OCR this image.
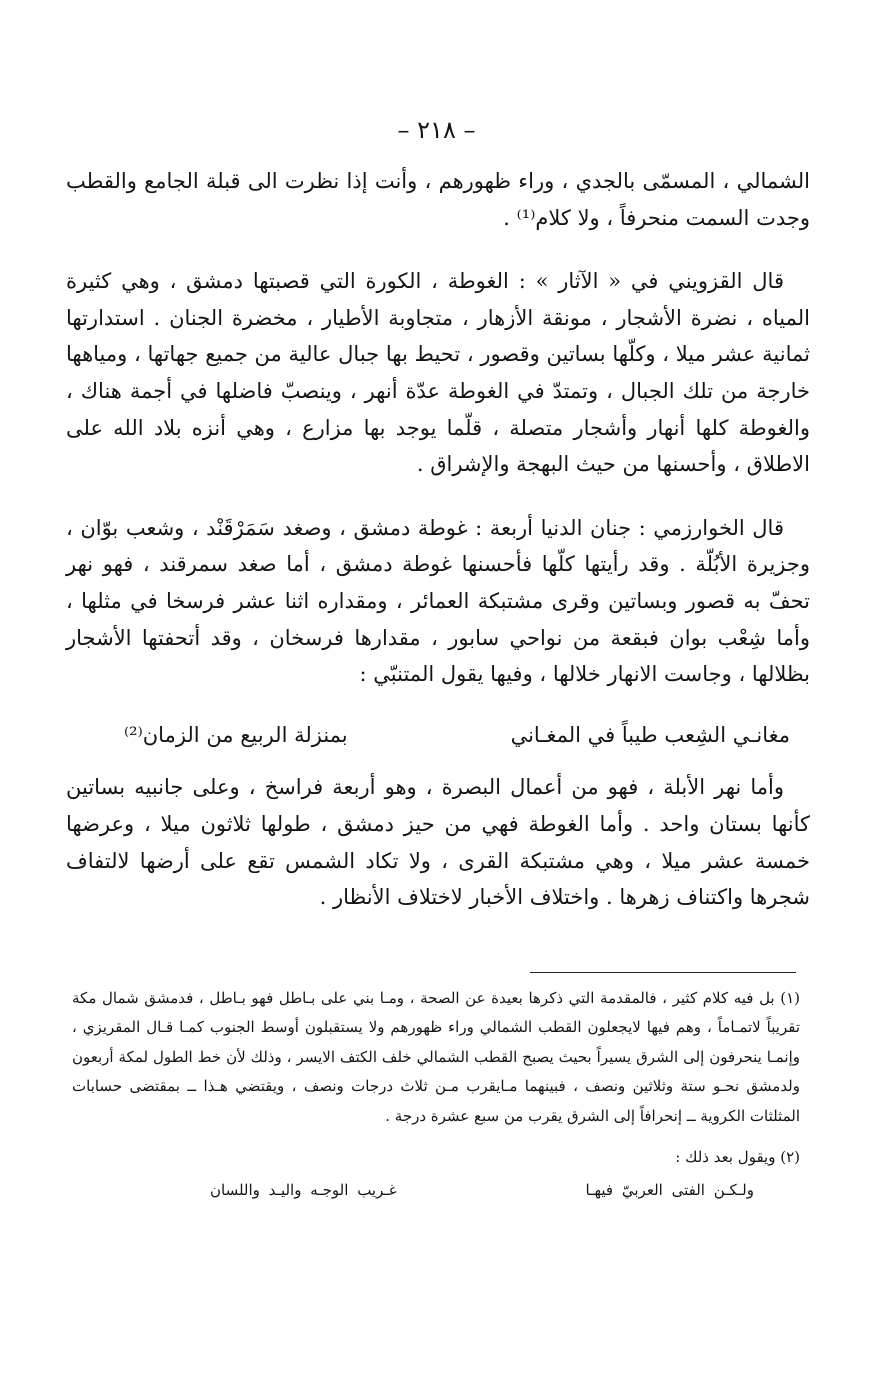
– ٢١٨ –

الشمالي ، المسمّى بالجدي ، وراء ظهورهم ، وأنت إذا نظرت الى قبلة الجامع والقطب وجدت السمت منحرفاً ، ولا كلام⁽¹⁾ .

قال القزويني في « الآثار » : الغوطة ، الكورة التي قصبتها دمشق ، وهي كثيرة المياه ، نضرة الأشجار ، مونقة الأزهار ، متجاوبة الأطيار ، مخضرة الجنان . استدارتها ثمانية عشر ميلا ، وكلّها بساتين وقصور ، تحيط بها جبال عالية من جميع جهاتها ، ومياهها خارجة من تلك الجبال ، وتمتدّ في الغوطة عدّة أنهر ، وينصبّ فاضلها في أجمة هناك ، والغوطة كلها أنهار وأشجار متصلة ، قلّما يوجد بها مزارع ، وهي أنزه بلاد الله على الاطلاق ، وأحسنها من حيث البهجة والإشراق .

قال الخوارزمي : جنان الدنيا أربعة : غوطة دمشق ، وصغد سَمَرْقَنْد ، وشعب بوّان ، وجزيرة الأبُلّة . وقد رأيتها كلّها فأحسنها غوطة دمشق ، أما صغد سمرقند ، فهو نهر تحفّ به قصور وبساتين وقرى مشتبكة العمائر ، ومقداره اثنا عشر فرسخا في مثلها ، وأما شِعْب بوان فبقعة من نواحي سابور ، مقدارها فرسخان ، وقد أتحفتها الأشجار بظلالها ، وجاست الانهار خلالها ، وفيها يقول المتنبّي :

مغانـي الشِعب طيباً في المغـاني
بمنزلة الربيع من الزمان⁽²⁾

وأما نهر الأبلة ، فهو من أعمال البصرة ، وهو أربعة فراسخ ، وعلى جانبيه بساتين كأنها بستان واحد . وأما الغوطة فهي من حيز دمشق ، طولها ثلاثون ميلا ، وعرضها خمسة عشر ميلا ، وهي مشتبكة القرى ، ولا تكاد الشمس تقع على أرضها لالتفاف شجرها واكتناف زهرها . واختلاف الأخبار لاختلاف الأنظار .

(١) بل فيه كلام كثير ، فالمقدمة التي ذكرها بعيدة عن الصحة ، ومـا بني على بـاطل فهو بـاطل ، فدمشق شمال مكة تقريباً لاتمـاماً ، وهم فيها لايجعلون القطب الشمالي وراء ظهورهم ولا يستقبلون أوسط الجنوب كمـا قـال المقريزي ، وإنمـا ينحرفون إلى الشرق يسيراً بحيث يصبح القطب الشمالي خلف الكتف الايسر ، وذلك لأن خط الطول لمكة أربعون ولدمشق نحـو ستة وثلاثين ونصف ، فبينهما مـايقرب مـن ثلاث درجات ونصف ، ويقتضي هـذا ــ بمقتضى حسابات المثلثات الكروية ــ إنحرافاً إلى الشرق يقرب من سبع عشرة درجة .

(٢) ويقول بعد ذلك :

ولـكـن الفتى العربيّ فيهـا
غـريب الوجـه واليـد واللسان
